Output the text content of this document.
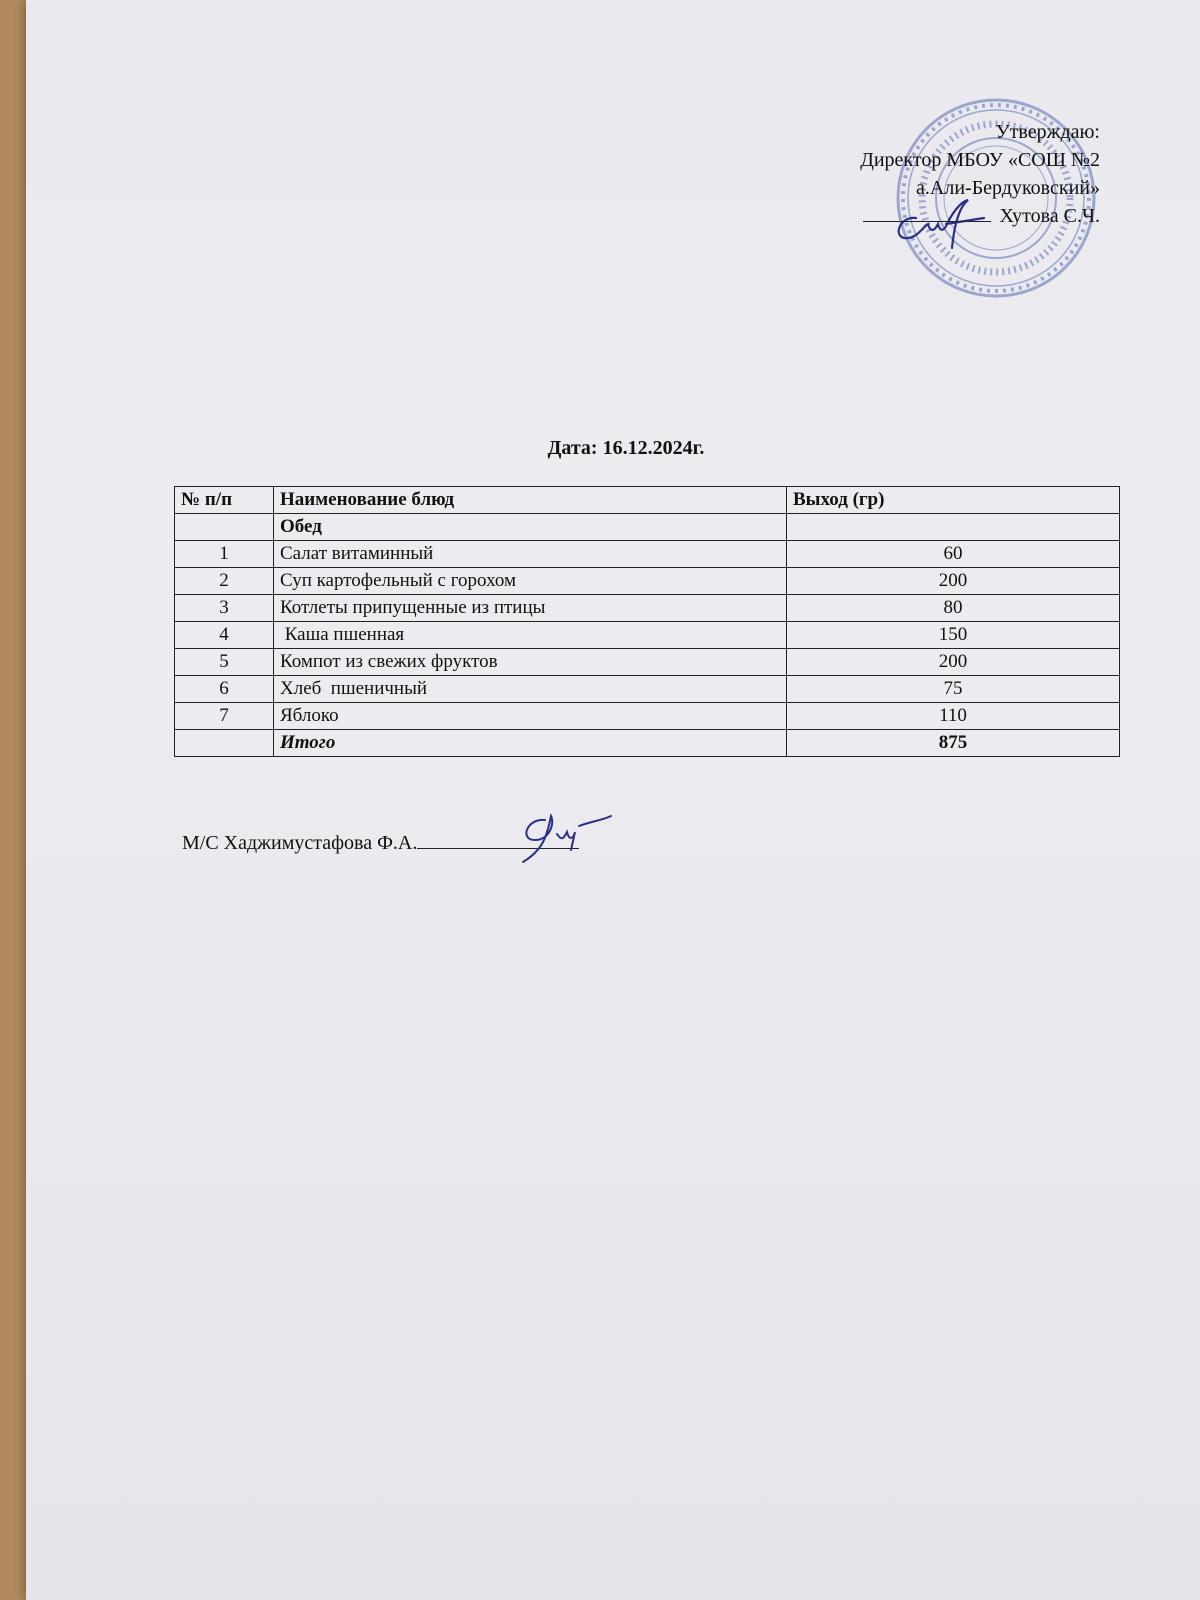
Утверждаю:
Директор МБОУ «СОШ №2
а.Али-Бердуковский»
Хутова С.Ч.
Дата: 16.12.2024г.
№ п/п	Наименование блюд	Выход (гр)
	Обед	
1	Салат витаминный	60
2	Суп картофельный с горохом	200
3	Котлеты припущенные из птицы	80
4	Каша пшенная	150
5	Компот из свежих фруктов	200
6	Хлеб  пшеничный	75
7	Яблоко	110
	Итого	875
М/С Хаджимустафова Ф.А.
